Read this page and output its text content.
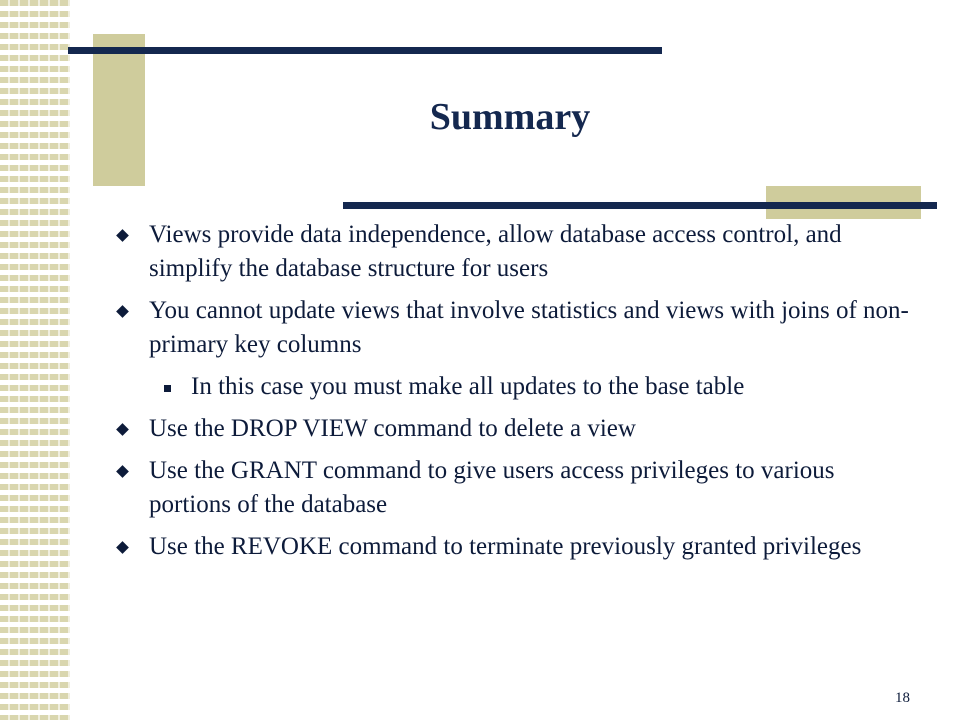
Summary
Views provide data independence, allow database access control, and simplify the database structure for users
You cannot update views that involve statistics and views with joins of non-primary key columns
In this case you must make all updates to the base table
Use the DROP VIEW command to delete a view
Use the GRANT command to give users access privileges to various portions of the database
Use the REVOKE command to terminate previously granted privileges
18
